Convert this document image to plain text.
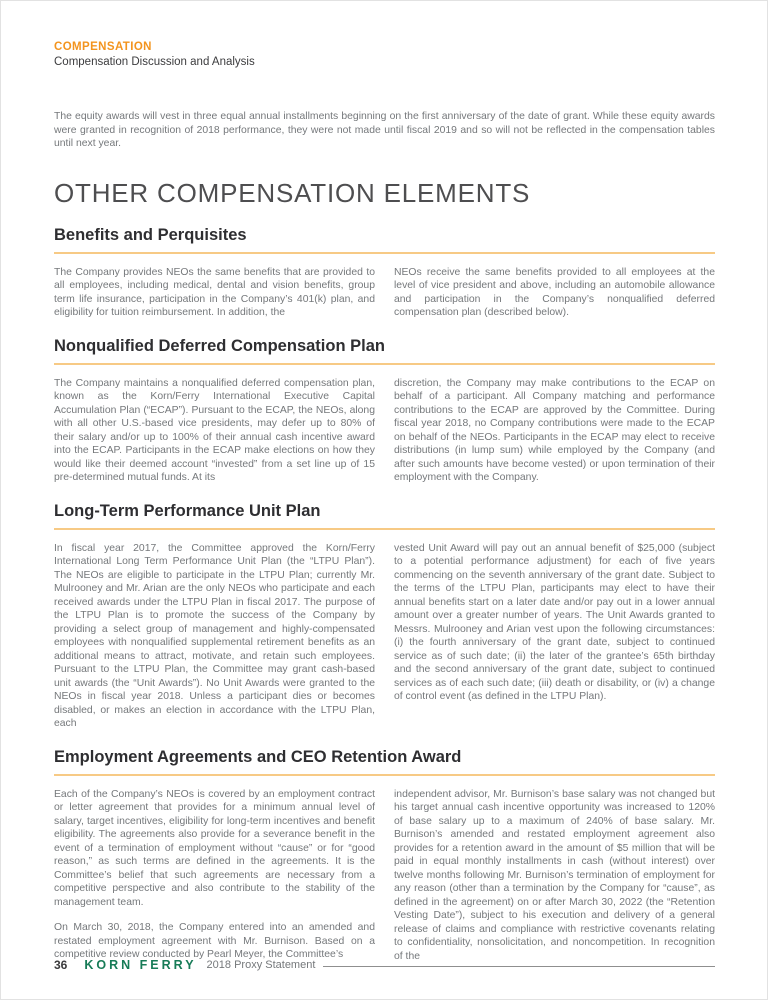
COMPENSATION

Compensation Discussion and Analysis

The equity awards will vest in three equal annual installments beginning on the first anniversary of the date of grant. While these equity awards were granted in recognition of 2018 performance, they were not made until fiscal 2019 and so will not be reflected in the compensation tables until next year.

OTHER COMPENSATION ELEMENTS
Benefits and Perquisites

The Company provides NEOs the same benefits that are provided to all employees, including medical, dental and vision benefits, group term life insurance, participation in the Company’s 401(k) plan, and eligibility for tuition reimbursement. In addition, the

NEOs receive the same benefits provided to all employees at the level of vice president and above, including an automobile allowance and participation in the Company’s nonqualified deferred compensation plan (described below).

Nonqualified Deferred Compensation Plan

The Company maintains a nonqualified deferred compensation plan, known as the Korn/Ferry International Executive Capital Accumulation Plan (“ECAP”). Pursuant to the ECAP, the NEOs, along with all other U.S.-based vice presidents, may defer up to 80% of their salary and/or up to 100% of their annual cash incentive award into the ECAP. Participants in the ECAP make elections on how they would like their deemed account “invested” from a set line up of 15 pre-determined mutual funds. At its

discretion, the Company may make contributions to the ECAP on behalf of a participant. All Company matching and performance contributions to the ECAP are approved by the Committee. During fiscal year 2018, no Company contributions were made to the ECAP on behalf of the NEOs. Participants in the ECAP may elect to receive distributions (in lump sum) while employed by the Company (and after such amounts have become vested) or upon termination of their employment with the Company.

Long-Term Performance Unit Plan

In fiscal year 2017, the Committee approved the Korn/Ferry International Long Term Performance Unit Plan (the “LTPU Plan”). The NEOs are eligible to participate in the LTPU Plan; currently Mr. Mulrooney and Mr. Arian are the only NEOs who participate and each received awards under the LTPU Plan in fiscal 2017. The purpose of the LTPU Plan is to promote the success of the Company by providing a select group of management and highly-compensated employees with nonqualified supplemental retirement benefits as an additional means to attract, motivate, and retain such employees. Pursuant to the LTPU Plan, the Committee may grant cash-based unit awards (the “Unit Awards”). No Unit Awards were granted to the NEOs in fiscal year 2018. Unless a participant dies or becomes disabled, or makes an election in accordance with the LTPU Plan, each

vested Unit Award will pay out an annual benefit of $25,000 (subject to a potential performance adjustment) for each of five years commencing on the seventh anniversary of the grant date. Subject to the terms of the LTPU Plan, participants may elect to have their annual benefits start on a later date and/or pay out in a lower annual amount over a greater number of years. The Unit Awards granted to Messrs. Mulrooney and Arian vest upon the following circumstances: (i) the fourth anniversary of the grant date, subject to continued service as of such date; (ii) the later of the grantee’s 65th birthday and the second anniversary of the grant date, subject to continued services as of each such date; (iii) death or disability, or (iv) a change of control event (as defined in the LTPU Plan).

Employment Agreements and CEO Retention Award

Each of the Company’s NEOs is covered by an employment contract or letter agreement that provides for a minimum annual level of salary, target incentives, eligibility for long-term incentives and benefit eligibility. The agreements also provide for a severance benefit in the event of a termination of employment without “cause” or for “good reason,” as such terms are defined in the agreements. It is the Committee’s belief that such agreements are necessary from a competitive perspective and also contribute to the stability of the management team.

On March 30, 2018, the Company entered into an amended and restated employment agreement with Mr. Burnison. Based on a competitive review conducted by Pearl Meyer, the Committee’s

independent advisor, Mr. Burnison’s base salary was not changed but his target annual cash incentive opportunity was increased to 120% of base salary up to a maximum of 240% of base salary. Mr. Burnison’s amended and restated employment agreement also provides for a retention award in the amount of $5 million that will be paid in equal monthly installments in cash (without interest) over twelve months following Mr. Burnison’s termination of employment for any reason (other than a termination by the Company for “cause”, as defined in the agreement) on or after March 30, 2022 (the “Retention Vesting Date”), subject to his execution and delivery of a general release of claims and compliance with restrictive covenants relating to confidentiality, nonsolicitation, and noncompetition. In recognition of the

36 KORN FERRY 2018 Proxy Statement
